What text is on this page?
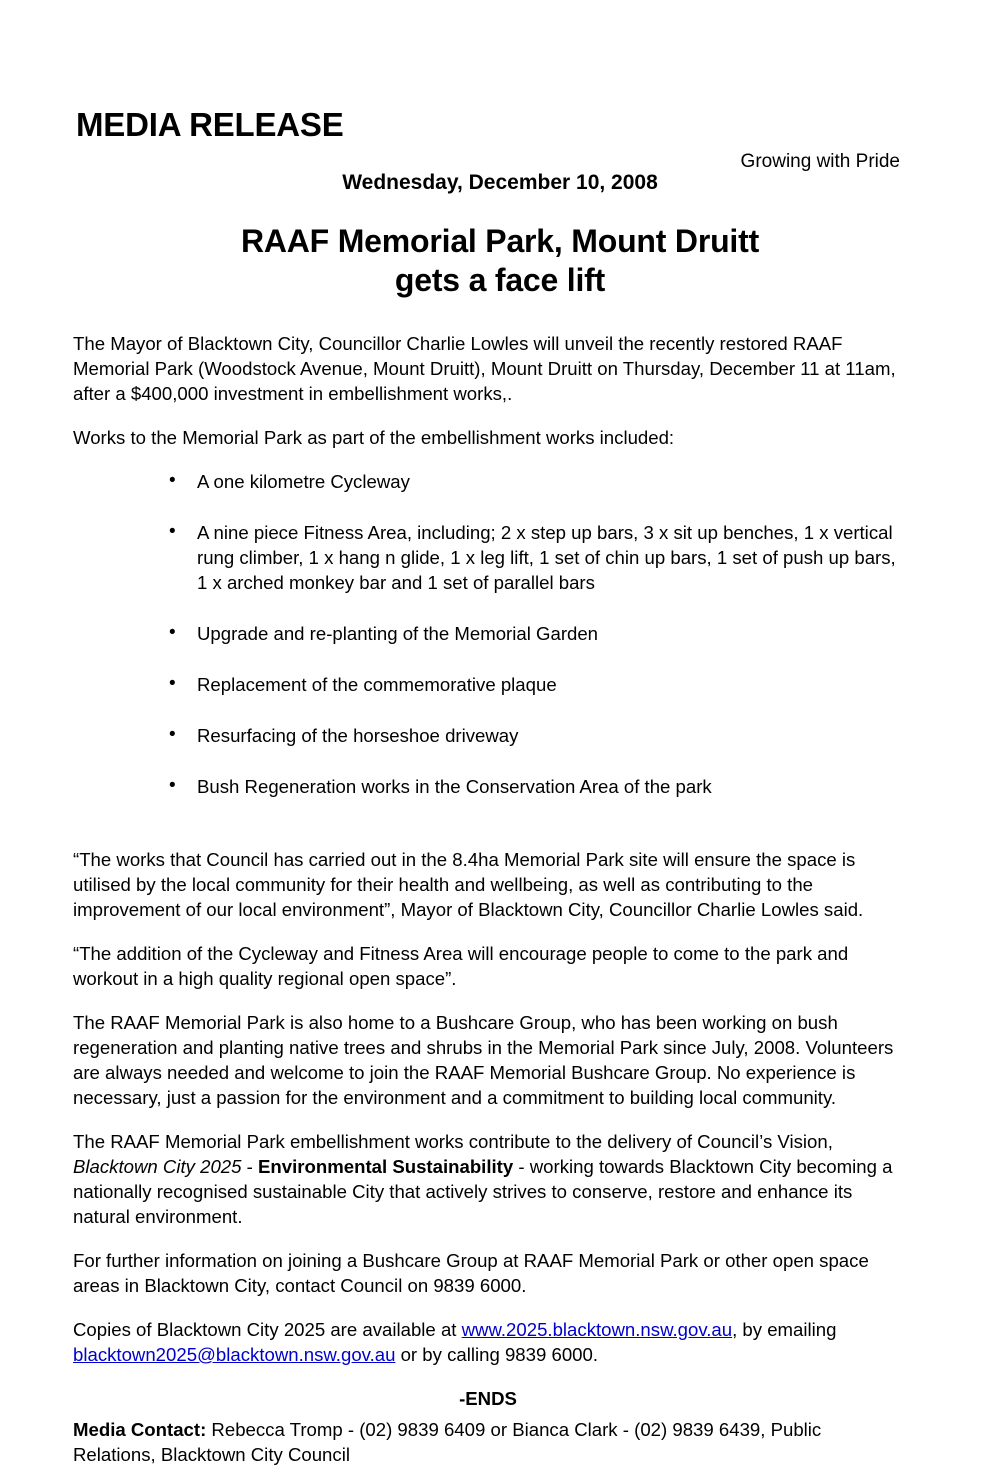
MEDIA RELEASE
Growing with Pride
Wednesday, December 10, 2008
RAAF Memorial Park, Mount Druitt
gets a face lift

The Mayor of Blacktown City, Councillor Charlie Lowles will unveil the recently restored RAAF Memorial Park (Woodstock Avenue, Mount Druitt), Mount Druitt on Thursday, December 11 at 11am, after a $400,000 investment in embellishment works,.

Works to the Memorial Park as part of the embellishment works included:

• A one kilometre Cycleway
• A nine piece Fitness Area, including; 2 x step up bars, 3 x sit up benches, 1 x vertical rung climber, 1 x hang n glide, 1 x leg lift, 1 set of chin up bars, 1 set of push up bars, 1 x arched monkey bar and 1 set of parallel bars
• Upgrade and re-planting of the Memorial Garden
• Replacement of the commemorative plaque
• Resurfacing of the horseshoe driveway
• Bush Regeneration works in the Conservation Area of the park

“The works that Council has carried out in the 8.4ha Memorial Park site will ensure the space is utilised by the local community for their health and wellbeing, as well as contributing to the improvement of our local environment”, Mayor of Blacktown City, Councillor Charlie Lowles said.

“The addition of the Cycleway and Fitness Area will encourage people to come to the park and workout in a high quality regional open space”.

The RAAF Memorial Park is also home to a Bushcare Group, who has been working on bush regeneration and planting native trees and shrubs in the Memorial Park since July, 2008. Volunteers are always needed and welcome to join the RAAF Memorial Bushcare Group. No experience is necessary, just a passion for the environment and a commitment to building local community.

The RAAF Memorial Park embellishment works contribute to the delivery of Council’s Vision, Blacktown City 2025 - Environmental Sustainability - working towards Blacktown City becoming a nationally recognised sustainable City that actively strives to conserve, restore and enhance its natural environment.

For further information on joining a Bushcare Group at RAAF Memorial Park or other open space areas in Blacktown City, contact Council on 9839 6000.

Copies of Blacktown City 2025 are available at www.2025.blacktown.nsw.gov.au, by emailing blacktown2025@blacktown.nsw.gov.au or by calling 9839 6000.

-ENDS

Media Contact: Rebecca Tromp - (02) 9839 6409 or Bianca Clark - (02) 9839 6439, Public Relations, Blacktown City Council
